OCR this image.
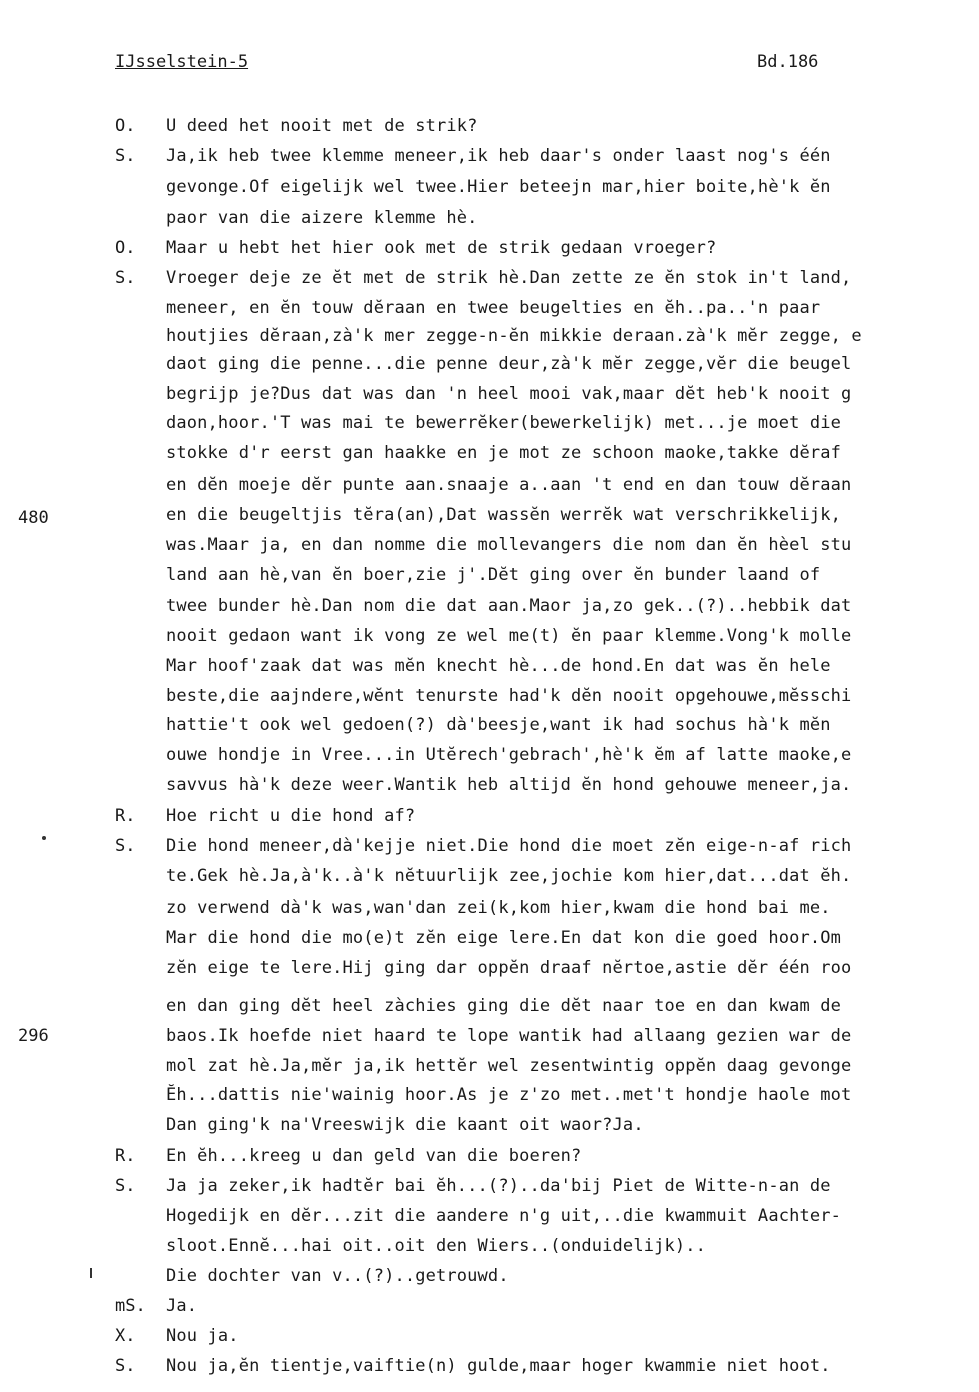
IJsselstein-5	Bd.186
480
296
O.
S.
O.
S.
R.
S.
R.
S.
mS.
X.
S.
U deed het nooit met de strik?
Ja,ik heb twee klemme meneer,ik heb daar's onder laast nog's één
gevonge.Of eigelijk wel twee.Hier beteejn mar,hier boite,hè'k ĕn
paor van die aizere klemme hè.
Maar u hebt het hier ook met de strik gedaan vroeger?
Vroeger deje ze ĕt met de strik hè.Dan zette ze ĕn stok in't land,
meneer, en ĕn touw dĕraan en twee beugelties en ĕh..pa..'n paar
houtjies dĕraan,zà'k mer zegge-n-ĕn mikkie deraan.zà'k mĕr zegge, e
daot ging die penne...die penne deur,zà'k mĕr zegge,vĕr die beugel
begrijp je?Dus dat was dan 'n heel mooi vak,maar dĕt heb'k nooit g
daon,hoor.'T was mai te bewerrĕker(bewerkelijk) met...je moet die
stokke d'r eerst gan haakke en je mot ze schoon maoke,takke dĕraf
en dĕn moeje dĕr punte aan.snaaje a..aan 't end en dan touw dĕraan
en die beugeltjis tĕra(an),Dat wassĕn werrĕk wat verschrikkelijk,
was.Maar ja, en dan nomme die mollevangers die nom dan ĕn hèel stu
land aan hè,van ĕn boer,zie j'.Dĕt ging over ĕn bunder laand of
twee bunder hè.Dan nom die dat aan.Maor ja,zo gek..(?)..hebbik dat
nooit gedaon want ik vong ze wel me(t) ĕn paar klemme.Vong'k molle
Mar hoof'zaak dat was mĕn knecht hè...de hond.En dat was ĕn hele
beste,die aajndere,wĕnt tenurste had'k dĕn nooit opgehouwe,mĕsschi
hattie't ook wel gedoen(?) dà'beesje,want ik had sochus hà'k mĕn
ouwe hondje in Vree...in Utĕrech'gebrach',hè'k ĕm af latte maoke,e
savvus hà'k deze weer.Wantik heb altijd ĕn hond gehouwe meneer,ja.
Hoe richt u die hond af?
Die hond meneer,dà'kejje niet.Die hond die moet zĕn eige-n-af rich
te.Gek hè.Ja,à'k..à'k nĕtuurlijk zee,jochie kom hier,dat...dat ĕh.
zo verwend dà'k was,wan'dan zei(k,kom hier,kwam die hond bai me.
Mar die hond die mo(e)t zĕn eige lere.En dat kon die goed hoor.Om
zĕn eige te lere.Hij ging dar oppĕn draaf nĕrtoe,astie dĕr één roo
en dan ging dĕt heel zàchies ging die dĕt naar toe en dan kwam de
baos.Ik hoefde niet haard te lope wantik had allaang gezien war de
mol zat hè.Ja,mĕr ja,ik hettĕr wel zesentwintig oppĕn daag gevonge
Ĕh...dattis nie'wainig hoor.As je z'zo met..met't hondje haole mot
Dan ging'k na'Vreeswijk die kaant oit waor?Ja.
En ĕh...kreeg u dan geld van die boeren?
Ja ja zeker,ik hadtĕr bai ĕh...(?)..da'bij Piet de Witte-n-an de
Hogedijk en dĕr...zit die aandere n'g uit,..die kwammuit Aachter-
sloot.Ennĕ...hai oit..oit den Wiers..(onduidelijk)..
Die dochter van v..(?)..getrouwd.
Ja.
Nou ja.
Nou ja,ĕn tientje,vaiftie(n) gulde,maar hoger kwammie niet hoot.
